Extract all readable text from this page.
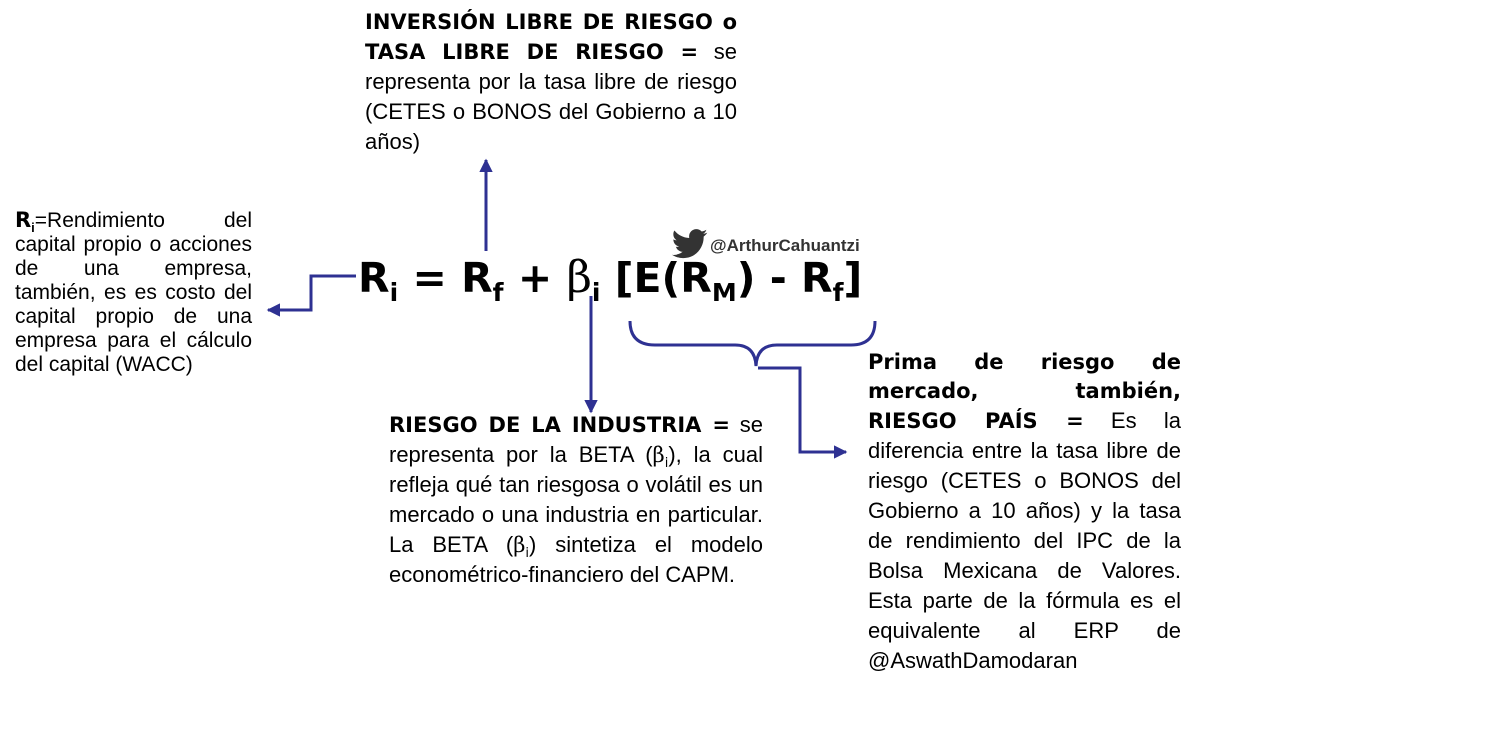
@ArthurCahuantzi
$R_i = R_f + \beta_i$ $[E(R_M) - R_f]$
$R_i=Rendimiento$ del capital propio o acciones de una empresa, también, es es costo del capital propio de una empresa para el cálculo del capital (WACC)
INVERSIÓN LIBRE DE RIESGO o TASA LIBRE DE RIESGO = se representa por la tasa libre de riesgo (CETES o BONOS del Gobierno a 10 años)
RIESGO DE LA INDUSTRIA = se representa por la BETA $(\beta_i)$, la cual refleja qué tan riesgosa o volátil es un mercado o una industria en particular. La BETA $(\beta_i)$ sintetiza el modelo econométrico-financiero del CAPM.
Prima de riesgo de mercado, también, RIESGO PAÍS = Es la diferencia entre la tasa libre de riesgo (CETES o BONOS del Gobierno a 10 años) y la tasa de rendimiento del IPC de la Bolsa Mexicana de Valores. Esta parte de la fórmula es el equivalente al ERP de @AswathDamodaran
